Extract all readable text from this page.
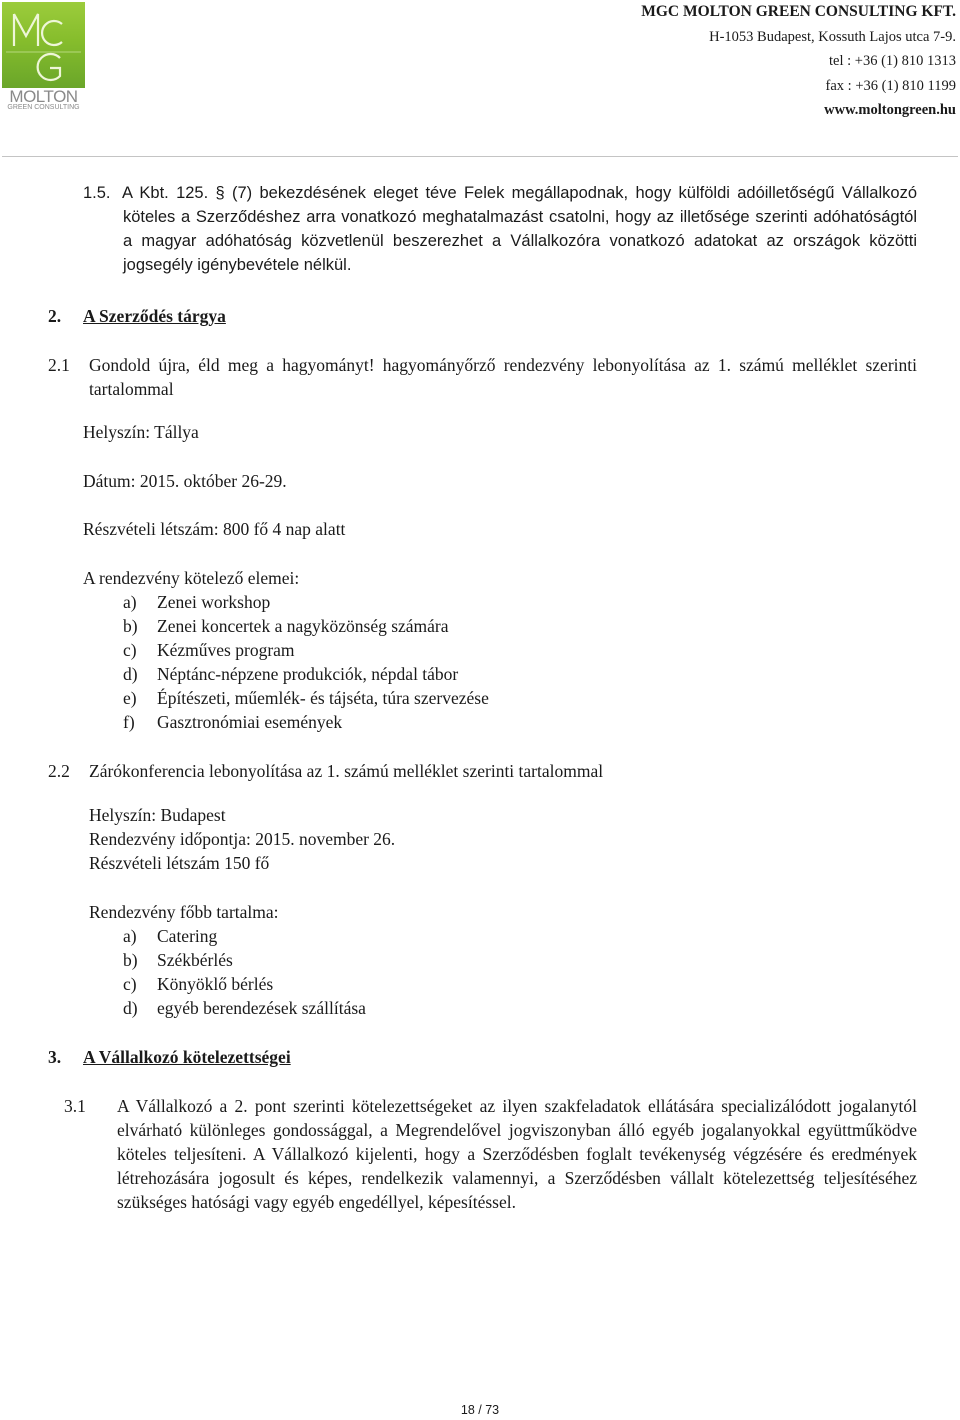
MOLTON
GREEN CONSULTING
MGC MOLTON GREEN CONSULTING KFT.
H-1053 Budapest, Kossuth Lajos utca 7-9.
tel : +36 (1) 810 1313
fax : +36 (1) 810 1199
www.moltongreen.hu
1.5. A Kbt. 125. § (7) bekezdésének eleget téve Felek megállapodnak, hogy külföldi adóilletőségű Vállalkozó köteles a Szerződéshez arra vonatkozó meghatalmazást csatolni, hogy az illetősége szerinti adóhatóságtól a magyar adóhatóság közvetlenül beszerezhet a Vállalkozóra vonatkozó adatokat az országok közötti jogsegély igénybevétele nélkül.
2. A Szerződés tárgya
2.1 Gondold újra, éld meg a hagyományt! hagyományőrző rendezvény lebonyolítása az 1. számú melléklet szerinti tartalommal
Helyszín: Tállya
Dátum: 2015. október 26-29.
Részvételi létszám: 800 fő 4 nap alatt
A rendezvény kötelező elemei:
a) Zenei workshop
b) Zenei koncertek a nagyközönség számára
c) Kézműves program
d) Néptánc-népzene produkciók, népdal tábor
e) Építészeti, műemlék- és tájséta, túra szervezése
f) Gasztronómiai események
2.2 Zárókonferencia lebonyolítása az 1. számú melléklet szerinti tartalommal
Helyszín: Budapest
Rendezvény időpontja: 2015. november 26.
Részvételi létszám 150 fő
Rendezvény főbb tartalma:
a) Catering
b) Székbérlés
c) Könyöklő bérlés
d) egyéb berendezések szállítása
3. A Vállalkozó kötelezettségei
3.1 A Vállalkozó a 2. pont szerinti kötelezettségeket az ilyen szakfeladatok ellátására specializálódott jogalanytól elvárható különleges gondossággal, a Megrendelővel jogviszonyban álló egyéb jogalanyokkal együttműködve köteles teljesíteni. A Vállalkozó kijelenti, hogy a Szerződésben foglalt tevékenység végzésére és eredmények létrehozására jogosult és képes, rendelkezik valamennyi, a Szerződésben vállalt kötelezettség teljesítéséhez szükséges hatósági vagy egyéb engedéllyel, képesítéssel.
18 / 73
